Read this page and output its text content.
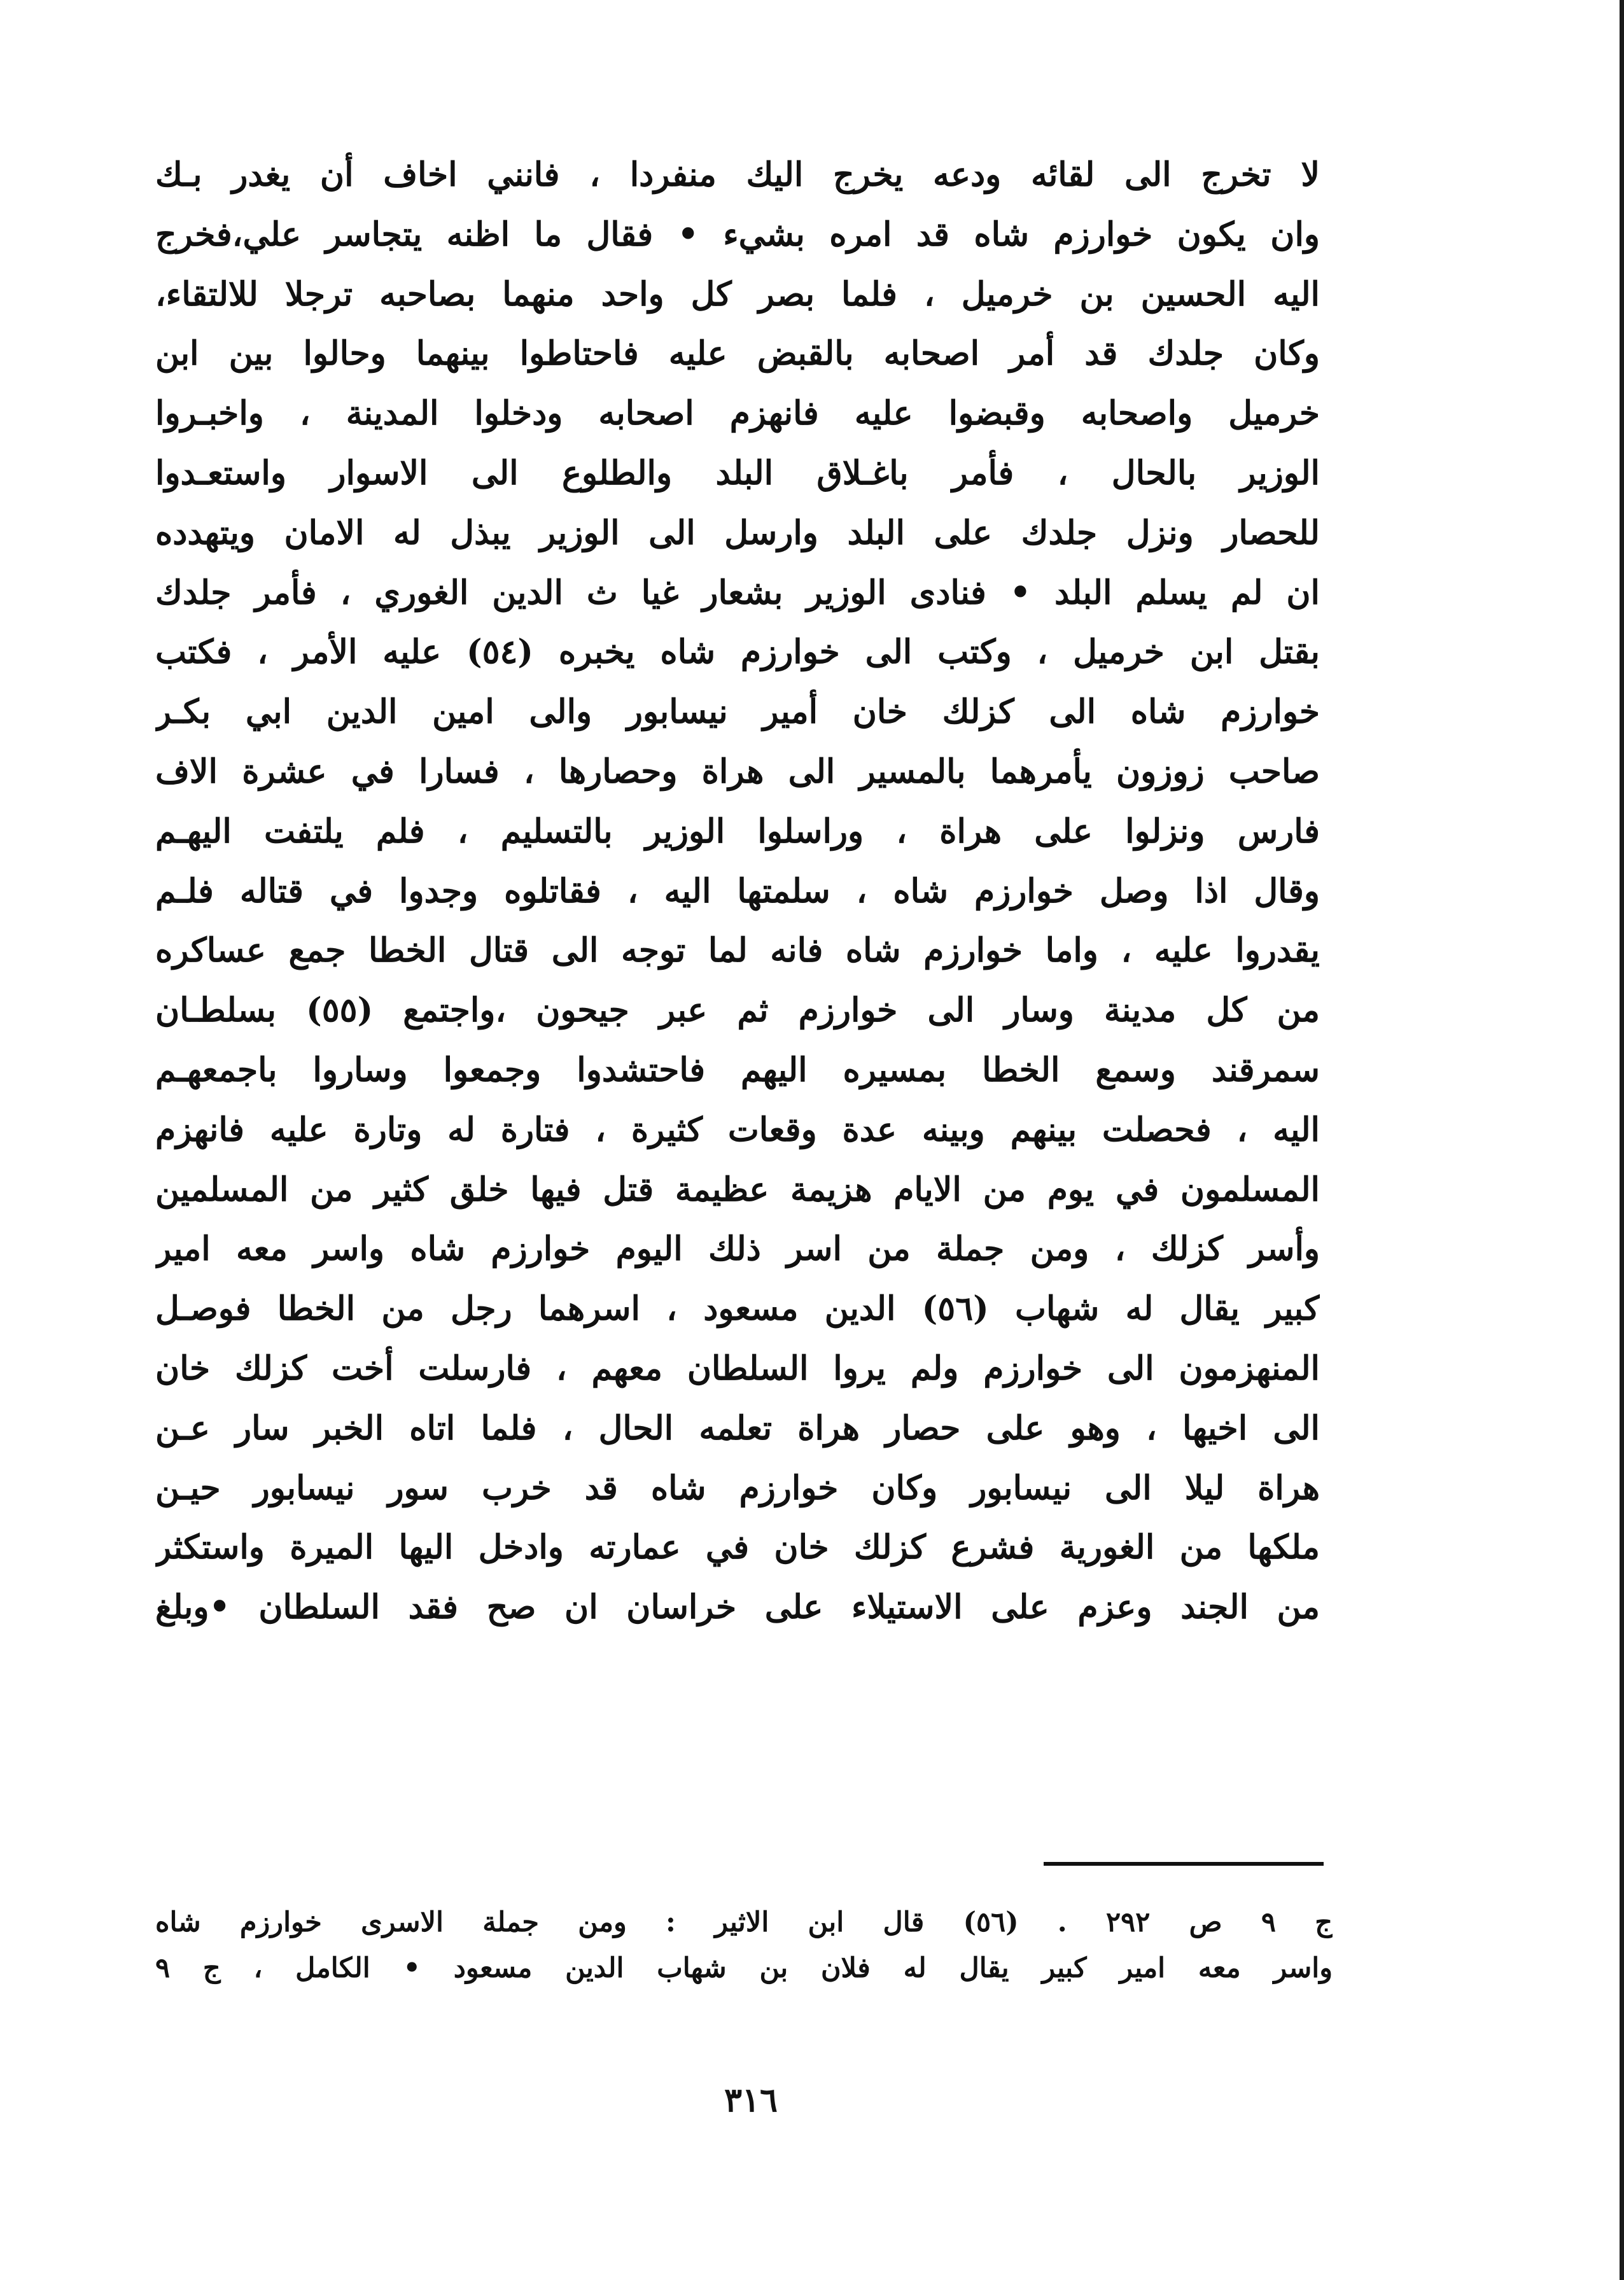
لا تخرج الى لقائه ودعه يخرج اليك منفردا ، فانني اخاف أن يغدر بـك
وان يكون خوارزم شاه قد امره بشيء • فقال ما اظنه يتجاسر علي،فخرج
اليه الحسين بن خرميل ، فلما بصر كل واحد منهما بصاحبه ترجلا للالتقاء،
وكان جلدك قد أمر اصحابه بالقبض عليه فاحتاطوا بينهما وحالوا بين ابن
خرميل واصحابه وقبضوا عليه فانهزم اصحابه ودخلوا المدينة ، واخبـروا
الوزير بالحال ، فأمر باغـلاق البلد والطلوع الى الاسوار واستعـدوا
للحصار ونزل جلدك على البلد وارسل الى الوزير يبذل له الامان ويتهدده
ان لم يسلم البلد • فنادى الوزير بشعار غيا ث الدين الغوري ، فأمر جلدك
بقتل ابن خرميل ، وكتب الى خوارزم شاه يخبره (٥٤) عليه الأمر ، فكتب
خوارزم شاه الى كزلك خان أمير نيسابور والى امين الدين ابي بكـر
صاحب زوزون يأمرهما بالمسير الى هراة وحصارها ، فسارا في عشرة الاف
فارس ونزلوا على هراة ، وراسلوا الوزير بالتسليم ، فلم يلتفت اليهـم
وقال اذا وصل خوارزم شاه ، سلمتها اليه ، فقاتلوه وجدوا في قتاله فلـم
يقدروا عليه ، واما خوارزم شاه فانه لما توجه الى قتال الخطا جمع عساكره
من كل مدينة وسار الى خوارزم ثم عبر جيحون ،واجتمع (٥٥) بسلطـان
سمرقند وسمع الخطا بمسيره اليهم فاحتشدوا وجمعوا وساروا باجمعهـم
اليه ، فحصلت بينهم وبينه عدة وقعات كثيرة ، فتارة له وتارة عليه فانهزم
المسلمون في يوم من الايام هزيمة عظيمة قتل فيها خلق كثير من المسلمين
وأسر كزلك ، ومن جملة من اسر ذلك اليوم خوارزم شاه واسر معه امير
كبير يقال له شهاب (٥٦) الدين مسعود ، اسرهما رجل من الخطا فوصـل
المنهزمون الى خوارزم ولم يروا السلطان معهم ، فارسلت أخت كزلك خان
الى اخيها ، وهو على حصار هراة تعلمه الحال ، فلما اتاه الخبر سار عـن
هراة ليلا الى نيسابور وكان خوارزم شاه قد خرب سور نيسابور حيـن
ملكها من الغورية فشرع كزلك خان في عمارته وادخل اليها الميرة واستكثر
من الجند وعزم على الاستيلاء على خراسان ان صح فقد السلطان •وبلغ
ج ٩ ص ٢٩٢ . (٥٦) قال ابن الاثير : ومن جملة الاسرى خوارزم شاه
واسر معه امير كبير يقال له فلان بن شهاب الدين مسعود • الكامل ، ج ٩
٣١٦
